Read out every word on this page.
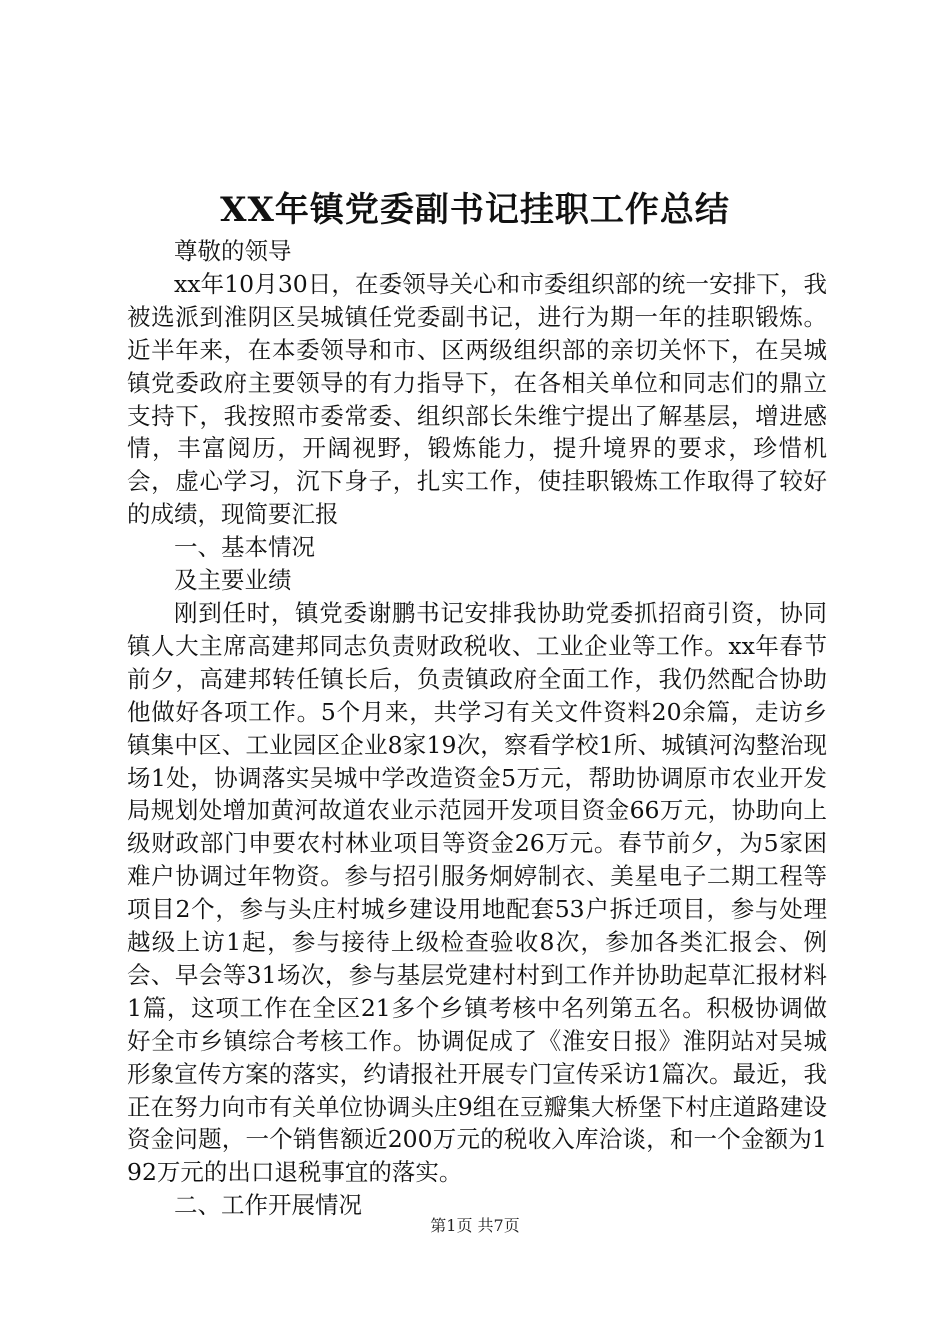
XX年镇党委副书记挂职工作总结

尊敬的领导

xx年10月30日，在委领导关心和市委组织部的统一安排下，我被选派到淮阴区吴城镇任党委副书记，进行为期一年的挂职锻炼。近半年来，在本委领导和市、区两级组织部的亲切关怀下，在吴城镇党委政府主要领导的有力指导下，在各相关单位和同志们的鼎立支持下，我按照市委常委、组织部长朱维宁提出了解基层，增进感情，丰富阅历，开阔视野，锻炼能力，提升境界的要求，珍惜机会，虚心学习，沉下身子，扎实工作，使挂职锻炼工作取得了较好的成绩，现简要汇报

一、基本情况

及主要业绩

刚到任时，镇党委谢鹏书记安排我协助党委抓招商引资，协同镇人大主席高建邦同志负责财政税收、工业企业等工作。xx年春节前夕，高建邦转任镇长后，负责镇政府全面工作，我仍然配合协助他做好各项工作。5个月来，共学习有关文件资料20余篇，走访乡镇集中区、工业园区企业8家19次，察看学校1所、城镇河沟整治现场1处，协调落实吴城中学改造资金5万元，帮助协调原市农业开发局规划处增加黄河故道农业示范园开发项目资金66万元，协助向上级财政部门申要农村林业项目等资金26万元。春节前夕，为5家困难户协调过年物资。参与招引服务炯婷制衣、美星电子二期工程等项目2个，参与头庄村城乡建设用地配套53户拆迁项目，参与处理越级上访1起，参与接待上级检查验收8次，参加各类汇报会、例会、早会等31场次，参与基层党建村村到工作并协助起草汇报材料1篇，这项工作在全区21多个乡镇考核中名列第五名。积极协调做好全市乡镇综合考核工作。协调促成了《淮安日报》淮阴站对吴城形象宣传方案的落实，约请报社开展专门宣传采访1篇次。最近，我正在努力向市有关单位协调头庄9组在豆瓣集大桥堡下村庄道路建设资金问题，一个销售额近200万元的税收入库洽谈，和一个金额为192万元的出口退税事宜的落实。

二、工作开展情况

第1页 共7页
